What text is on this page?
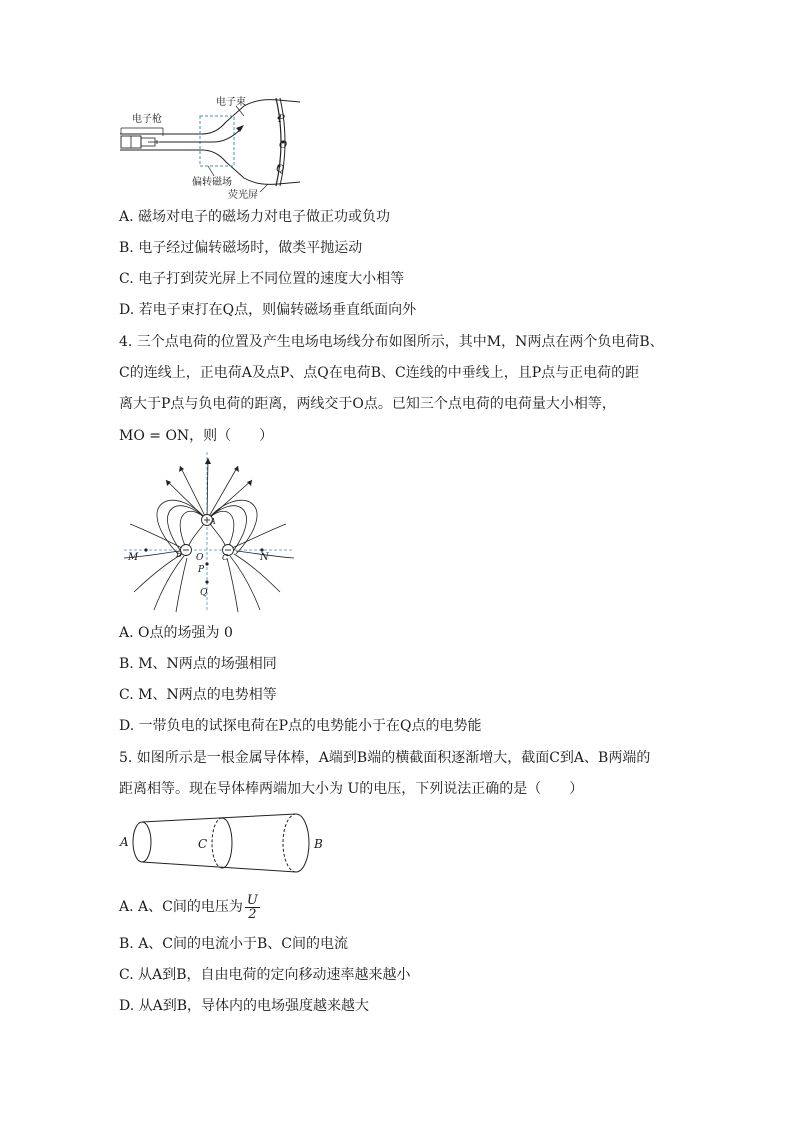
电子枪	P
O
Q
电子束
偏转磁场
荧光屏
A. 磁场对电子的磁场力对电子做正功或负功
B. 电子经过偏转磁场时，做类平抛运动
C. 电子打到荧光屏上不同位置的速度大小相等
D. 若电子束打在Q点，则偏转磁场垂直纸面向外
4. 三个点电荷的位置及产生电场电场线分布如图所示，其中M，N两点在两个负电荷B、
C的连线上，正电荷A及点P、点Q在电荷B、C连线的中垂线上，且P点与正电荷的距
离大于P点与负电荷的距离，两线交于O点。已知三个点电荷的电荷量大小相等，
MO = ON，则（　　）
M	N
A
B	C
O
P
Q
A. O点的场强为 0
B. M、N两点的场强相同
C. M、N两点的电势相等
D. 一带负电的试探电荷在P点的电势能小于在Q点的电势能
5. 如图所示是一根金属导体棒，A端到B端的横截面积逐渐增大，截面C到A、B两端的
距离相等。现在导体棒两端加大小为 U的电压，下列说法正确的是（　　）
A	C	B
A. A、C间的电压为 $\frac{U}{2}$
B. A、C间的电流小于B、C间的电流
C. 从A到B，自由电荷的定向移动速率越来越小
D. 从A到B，导体内的电场强度越来越大
